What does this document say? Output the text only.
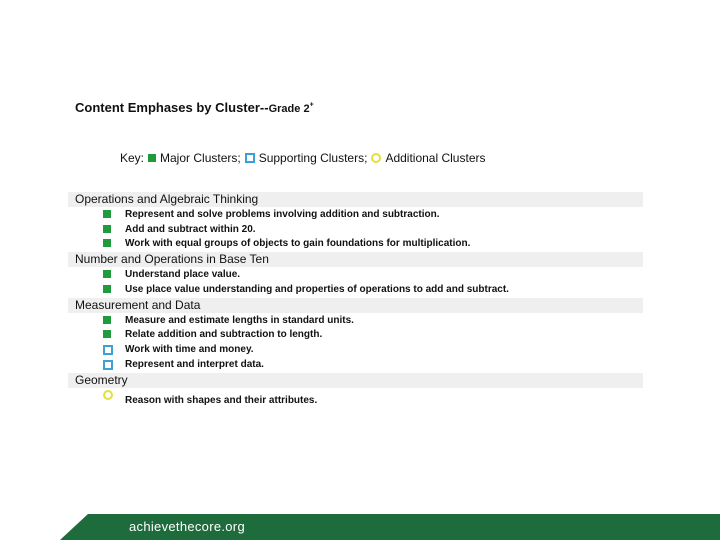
Content Emphases by Cluster--Grade 2+
Key: Major Clusters; Supporting Clusters; Additional Clusters
Operations and Algebraic Thinking
Represent and solve problems involving addition and subtraction.
Add and subtract within 20.
Work with equal groups of objects to gain foundations for multiplication.
Number and Operations in Base Ten
Understand place value.
Use place value understanding and properties of operations to add and subtract.
Measurement and Data
Measure and estimate lengths in standard units.
Relate addition and subtraction to length.
Work with time and money.
Represent and interpret data.
Geometry
Reason with shapes and their attributes.
achievethecore.org
